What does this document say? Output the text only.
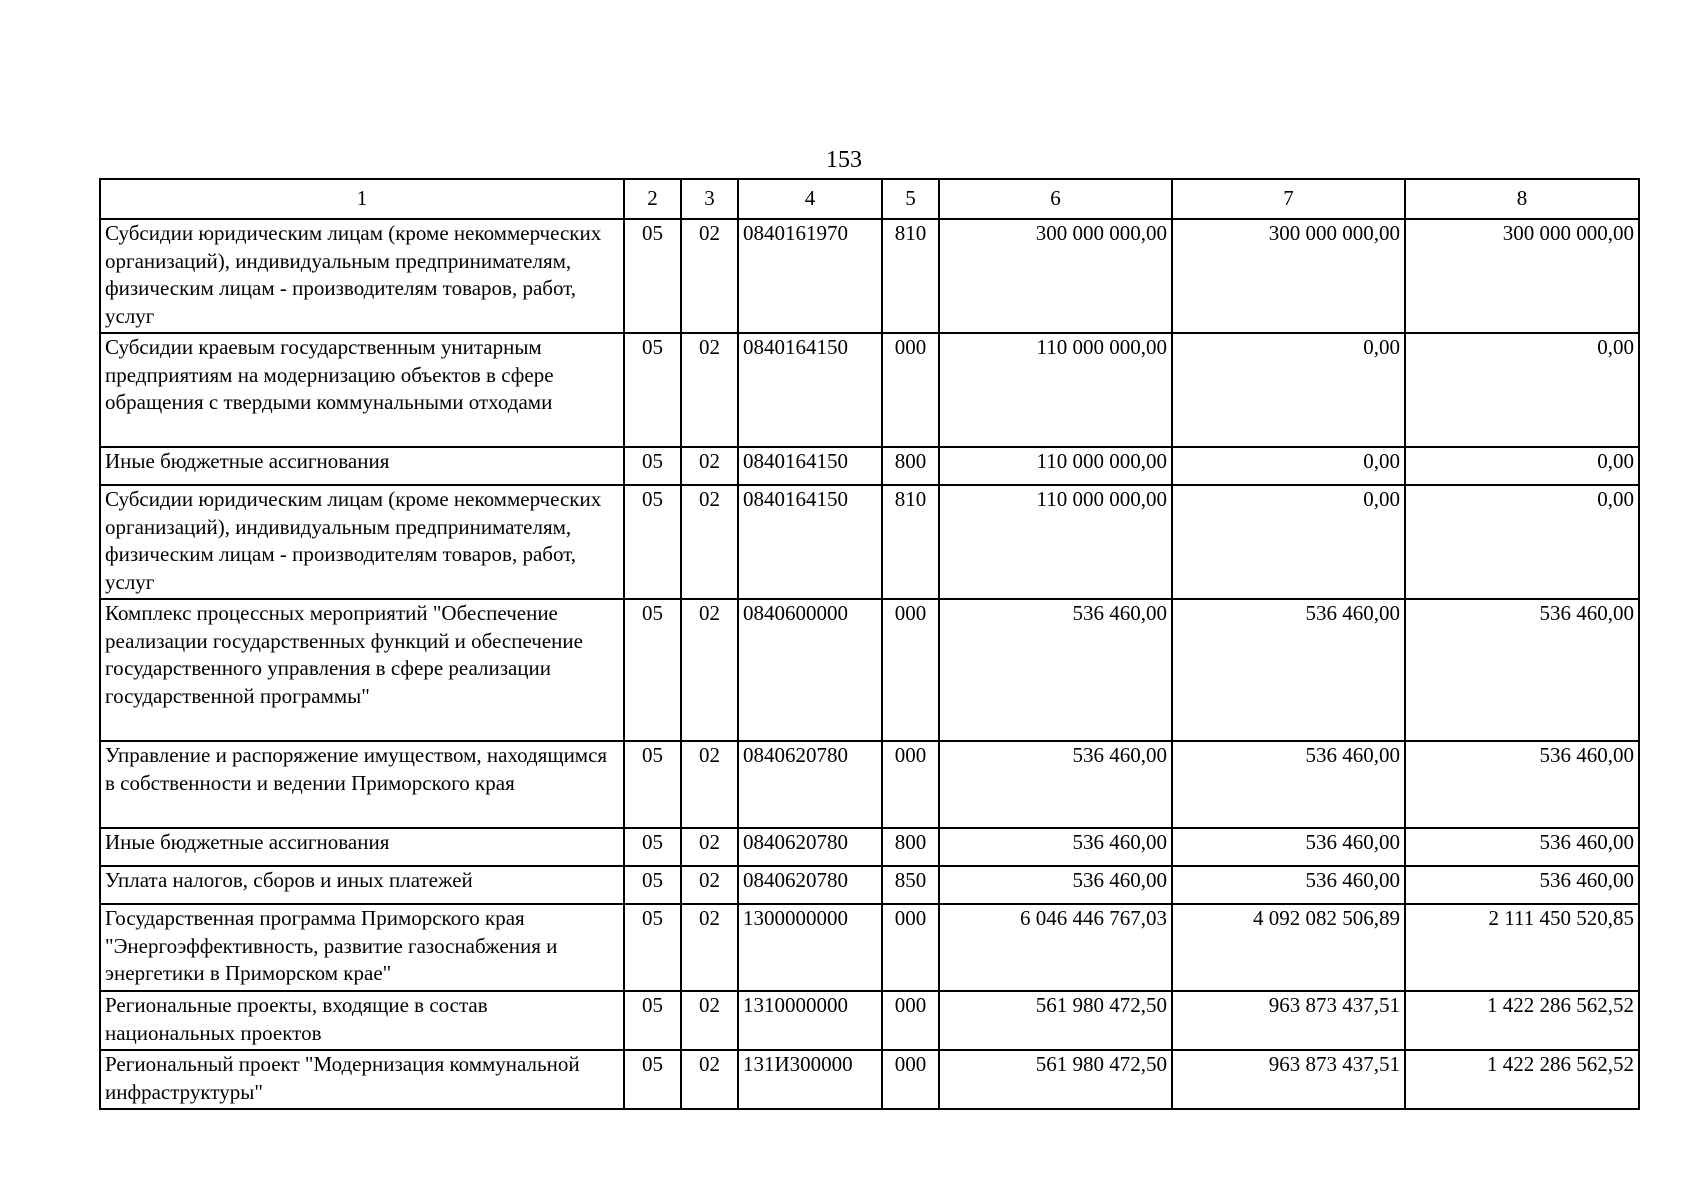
153
1	2	3	4	5	6	7	8
Субсидии юридическим лицам (кроме некоммерческих организаций), индивидуальным предпринимателям, физическим лицам - производителям товаров, работ, услуг	05	02	0840161970	810	300 000 000,00	300 000 000,00	300 000 000,00
Субсидии краевым государственным унитарным предприятиям на модернизацию объектов в сфере обращения с твердыми коммунальными отходами	05	02	0840164150	000	110 000 000,00	0,00	0,00
Иные бюджетные ассигнования	05	02	0840164150	800	110 000 000,00	0,00	0,00
Субсидии юридическим лицам (кроме некоммерческих организаций), индивидуальным предпринимателям, физическим лицам - производителям товаров, работ, услуг	05	02	0840164150	810	110 000 000,00	0,00	0,00
Комплекс процессных мероприятий "Обеспечение реализации государственных функций и обеспечение государственного управления в сфере реализации государственной программы"	05	02	0840600000	000	536 460,00	536 460,00	536 460,00
Управление и распоряжение имуществом, находящимся в собственности и ведении Приморского края	05	02	0840620780	000	536 460,00	536 460,00	536 460,00
Иные бюджетные ассигнования	05	02	0840620780	800	536 460,00	536 460,00	536 460,00
Уплата налогов, сборов и иных платежей	05	02	0840620780	850	536 460,00	536 460,00	536 460,00
Государственная программа Приморского края "Энергоэффективность, развитие газоснабжения и энергетики в Приморском крае"	05	02	1300000000	000	6 046 446 767,03	4 092 082 506,89	2 111 450 520,85
Региональные проекты, входящие в состав национальных проектов	05	02	1310000000	000	561 980 472,50	963 873 437,51	1 422 286 562,52
Региональный проект "Модернизация коммунальной инфраструктуры"	05	02	131И300000	000	561 980 472,50	963 873 437,51	1 422 286 562,52
